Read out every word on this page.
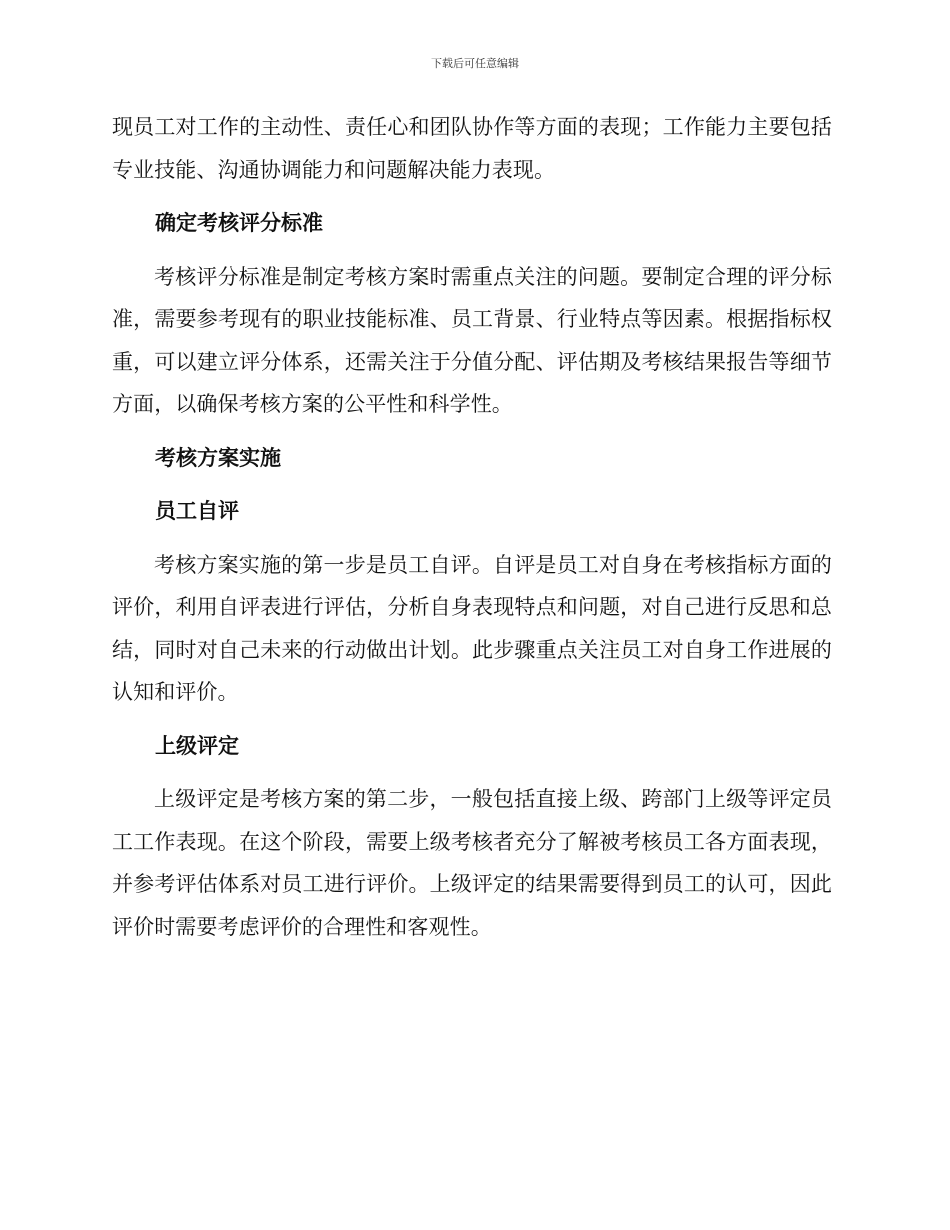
下载后可任意编辑

现员工对工作的主动性、责任心和团队协作等方面的表现；工作能力主要包括专业技能、沟通协调能力和问题解决能力表现。

确定考核评分标准

考核评分标准是制定考核方案时需重点关注的问题。要制定合理的评分标准，需要参考现有的职业技能标准、员工背景、行业特点等因素。根据指标权重，可以建立评分体系，还需关注于分值分配、评估期及考核结果报告等细节方面，以确保考核方案的公平性和科学性。

考核方案实施
员工自评

考核方案实施的第一步是员工自评。自评是员工对自身在考核指标方面的评价，利用自评表进行评估，分析自身表现特点和问题，对自己进行反思和总结，同时对自己未来的行动做出计划。此步骤重点关注员工对自身工作进展的认知和评价。

上级评定

上级评定是考核方案的第二步，一般包括直接上级、跨部门上级等评定员工工作表现。在这个阶段，需要上级考核者充分了解被考核员工各方面表现，并参考评估体系对员工进行评价。上级评定的结果需要得到员工的认可，因此评价时需要考虑评价的合理性和客观性。
